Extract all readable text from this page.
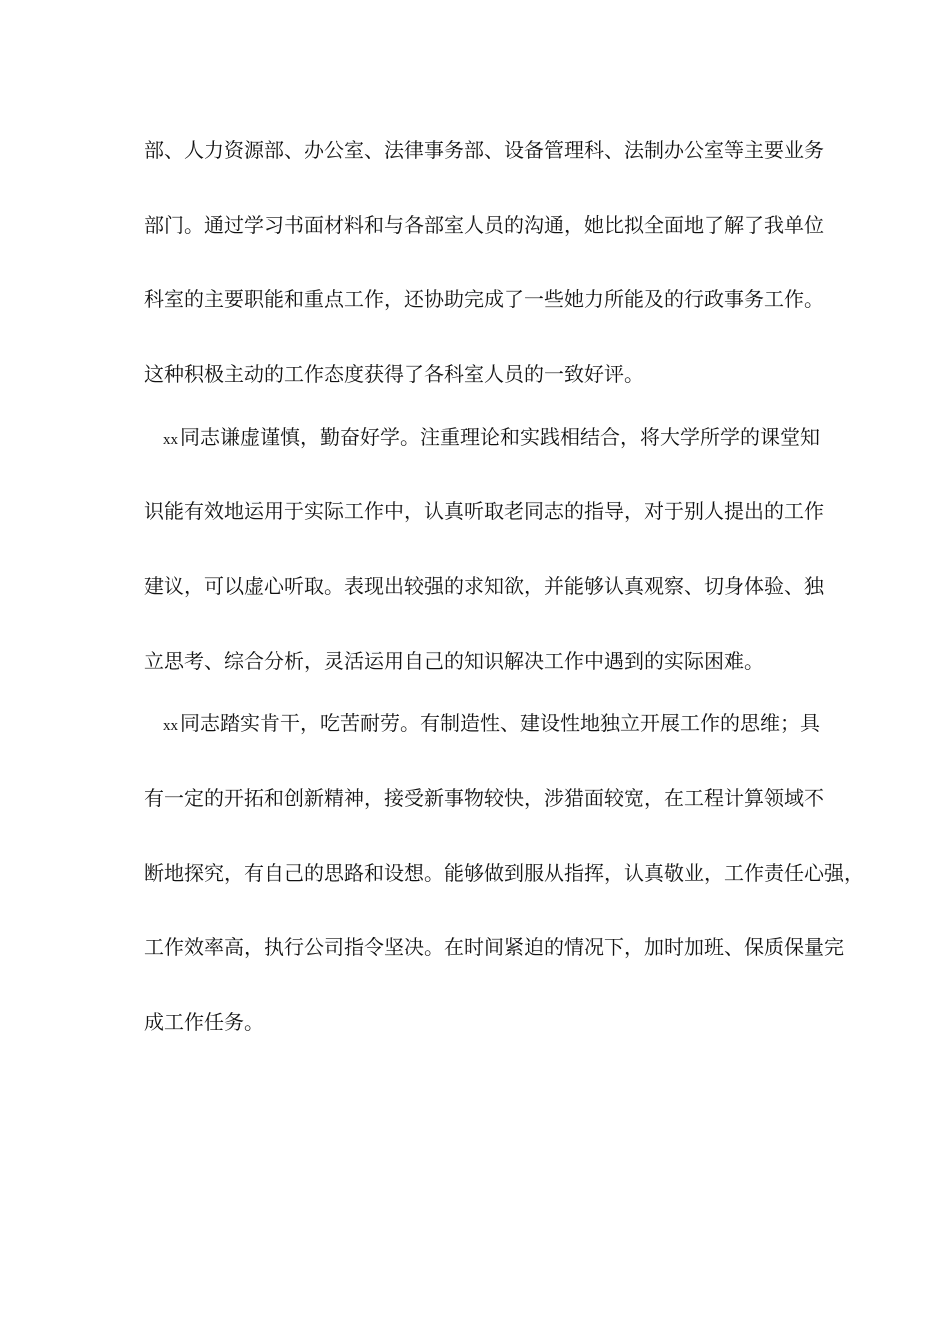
部、人力资源部、办公室、法律事务部、设备管理科、法制办公室等主要业务
部门。通过学习书面材料和与各部室人员的沟通，她比拟全面地了解了我单位
科室的主要职能和重点工作，还协助完成了一些她力所能及的行政事务工作。
这种积极主动的工作态度获得了各科室人员的一致好评。
xx 同志谦虚谨慎，勤奋好学。注重理论和实践相结合，将大学所学的课堂知
识能有效地运用于实际工作中，认真听取老同志的指导，对于别人提出的工作
建议，可以虚心听取。表现出较强的求知欲，并能够认真观察、切身体验、独
立思考、综合分析，灵活运用自己的知识解决工作中遇到的实际困难。
xx 同志踏实肯干，吃苦耐劳。有制造性、建设性地独立开展工作的思维；具
有一定的开拓和创新精神，接受新事物较快，涉猎面较宽，在工程计算领域不
断地探究，有自己的思路和设想。能够做到服从指挥，认真敬业，工作责任心强，
工作效率高，执行公司指令坚决。在时间紧迫的情况下，加时加班、保质保量完
成工作任务。
